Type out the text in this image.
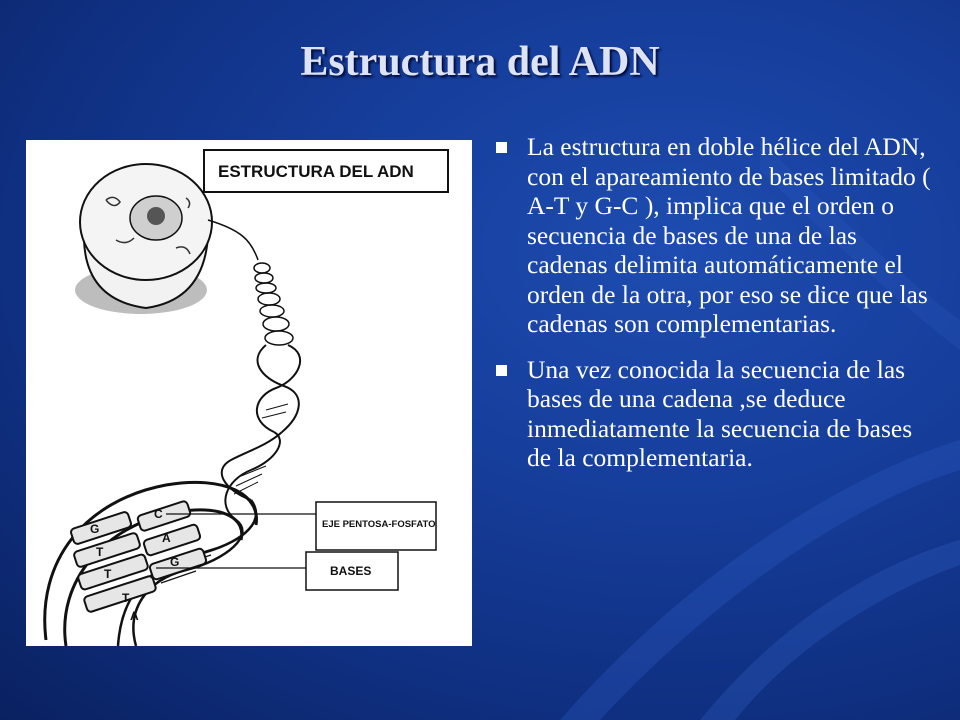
Estructura del ADN
ESTRUCTURA DEL ADN
G
C
A
T
G
T
T
A
EJE PENTOSA-FOSFATO
BASES
La estructura en doble hélice del ADN, con el apareamiento de bases limitado ( A-T y G-C ), implica que el orden o secuencia de bases de una de las cadenas delimita automáticamente el orden de la otra, por eso se dice que las cadenas son complementarias.
Una vez conocida la secuencia de las bases de una cadena ,se deduce inmediatamente la secuencia de bases de la complementaria.
